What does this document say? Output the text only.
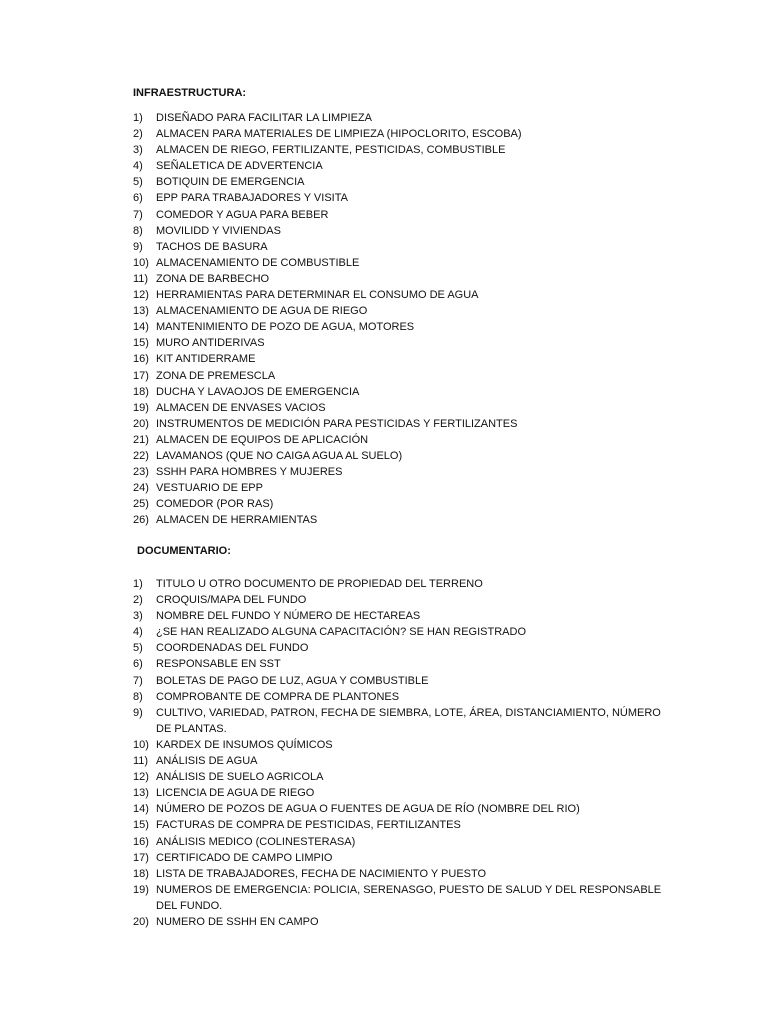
INFRAESTRUCTURA:
1)	DISEÑADO PARA FACILITAR LA LIMPIEZA
2)	ALMACEN PARA MATERIALES DE LIMPIEZA (HIPOCLORITO, ESCOBA)
3)	ALMACEN DE RIEGO, FERTILIZANTE, PESTICIDAS, COMBUSTIBLE
4)	SEÑALETICA DE ADVERTENCIA
5)	BOTIQUIN DE EMERGENCIA
6)	EPP PARA TRABAJADORES Y VISITA
7)	COMEDOR Y AGUA PARA BEBER
8)	MOVILIDD Y VIVIENDAS
9)	TACHOS DE BASURA
10) ALMACENAMIENTO DE COMBUSTIBLE
11) ZONA DE BARBECHO
12) HERRAMIENTAS PARA DETERMINAR EL CONSUMO DE AGUA
13) ALMACENAMIENTO DE AGUA DE RIEGO
14) MANTENIMIENTO DE POZO DE AGUA, MOTORES
15) MURO ANTIDERIVAS
16) KIT ANTIDERRAME
17) ZONA DE PREMESCLA
18) DUCHA Y LAVAOJOS DE EMERGENCIA
19) ALMACEN DE ENVASES VACIOS
20) INSTRUMENTOS DE MEDICIÓN PARA PESTICIDAS Y FERTILIZANTES
21) ALMACEN DE EQUIPOS DE APLICACIÓN
22) LAVAMANOS (QUE NO CAIGA AGUA AL SUELO)
23) SSHH PARA HOMBRES Y MUJERES
24) VESTUARIO DE EPP
25) COMEDOR (POR RAS)
26) ALMACEN DE HERRAMIENTAS
DOCUMENTARIO:
1)	TITULO U OTRO DOCUMENTO DE PROPIEDAD DEL TERRENO
2)	CROQUIS/MAPA DEL FUNDO
3)	NOMBRE DEL FUNDO Y NÚMERO DE HECTAREAS
4)	¿SE HAN REALIZADO ALGUNA CAPACITACIÓN? SE HAN REGISTRADO
5)	COORDENADAS DEL FUNDO
6)	RESPONSABLE EN SST
7)	BOLETAS DE PAGO DE LUZ, AGUA Y COMBUSTIBLE
8)	COMPROBANTE DE COMPRA DE PLANTONES
9)	CULTIVO, VARIEDAD, PATRON, FECHA DE SIEMBRA, LOTE, ÁREA, DISTANCIAMIENTO, NÚMERO DE PLANTAS.
10) KARDEX DE INSUMOS QUÍMICOS
11) ANÁLISIS DE AGUA
12) ANÁLISIS DE SUELO AGRICOLA
13) LICENCIA DE AGUA DE RIEGO
14) NÚMERO DE POZOS DE AGUA O FUENTES DE AGUA DE RÍO (NOMBRE DEL RIO)
15) FACTURAS DE COMPRA DE PESTICIDAS, FERTILIZANTES
16) ANÁLISIS MEDICO (COLINESTERASA)
17) CERTIFICADO DE CAMPO LIMPIO
18) LISTA DE TRABAJADORES, FECHA DE NACIMIENTO Y PUESTO
19) NUMEROS DE EMERGENCIA: POLICIA, SERENASGO, PUESTO DE SALUD Y DEL RESPONSABLE DEL FUNDO.
20) NUMERO DE SSHH EN CAMPO
